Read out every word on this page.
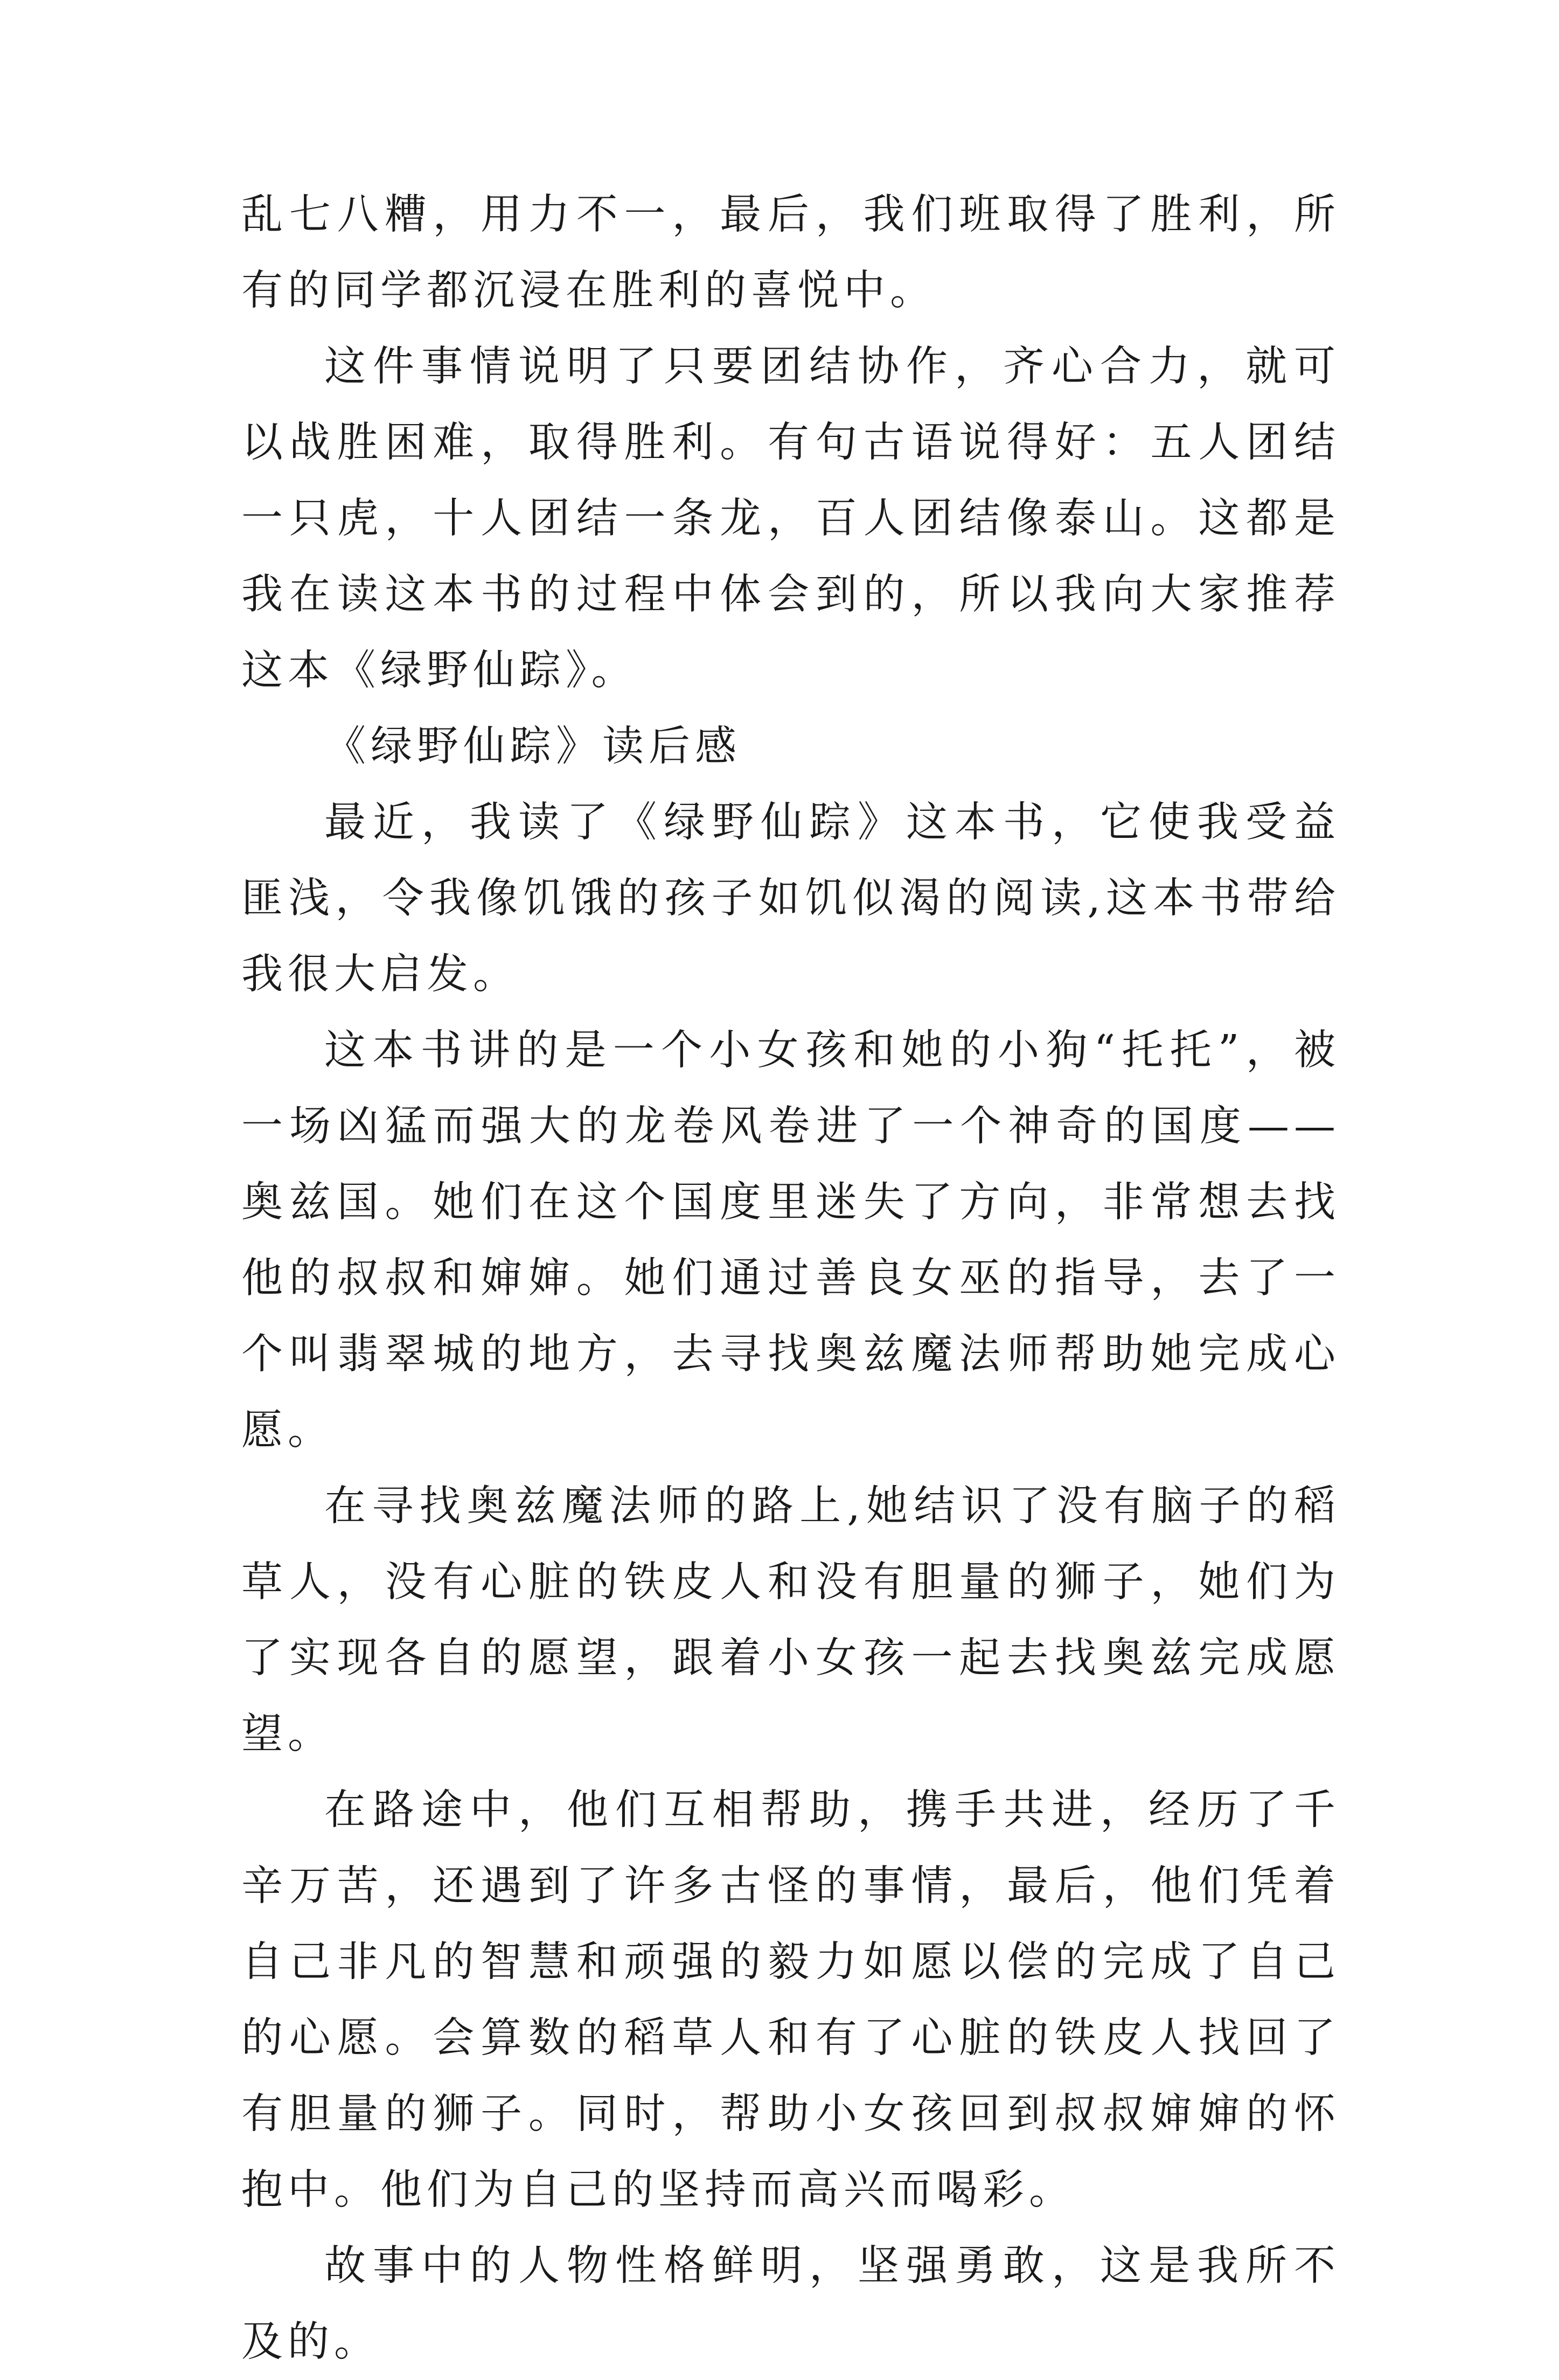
乱七八糟，用力不一，最后，我们班取得了胜利，所有的同学都沉浸在胜利的喜悦中。

这件事情说明了只要团结协作，齐心合力，就可以战胜困难，取得胜利。有句古语说得好：五人团结一只虎，十人团结一条龙，百人团结像泰山。这都是我在读这本书的过程中体会到的，所以我向大家推荐这本《绿野仙踪》。

《绿野仙踪》读后感

最近，我读了《绿野仙踪》这本书，它使我受益匪浅，令我像饥饿的孩子如饥似渴的阅读,这本书带给我很大启发。

这本书讲的是一个小女孩和她的小狗“托托”，被一场凶猛而强大的龙卷风卷进了一个神奇的国度——奥兹国。她们在这个国度里迷失了方向，非常想去找他的叔叔和婶婶。她们通过善良女巫的指导，去了一个叫翡翠城的地方，去寻找奥兹魔法师帮助她完成心愿。

在寻找奥兹魔法师的路上,她结识了没有脑子的稻草人，没有心脏的铁皮人和没有胆量的狮子，她们为了实现各自的愿望，跟着小女孩一起去找奥兹完成愿望。

在路途中，他们互相帮助，携手共进，经历了千辛万苦，还遇到了许多古怪的事情，最后，他们凭着自己非凡的智慧和顽强的毅力如愿以偿的完成了自己的心愿。会算数的稻草人和有了心脏的铁皮人找回了有胆量的狮子。同时，帮助小女孩回到叔叔婶婶的怀抱中。他们为自己的坚持而高兴而喝彩。

故事中的人物性格鲜明，坚强勇敢，这是我所不及的。
